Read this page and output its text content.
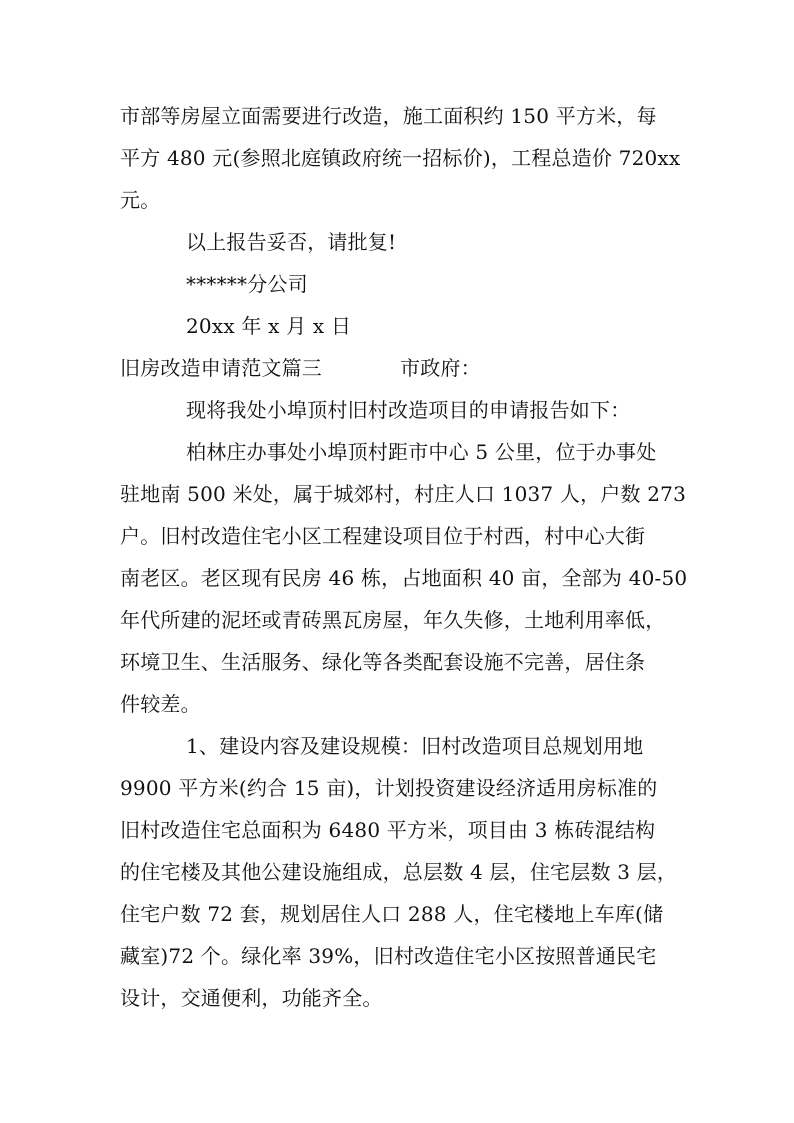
市部等房屋立面需要进行改造，施工面积约 150 平方米，每
平方 480 元(参照北庭镇政府统一招标价)，工程总造价 720xx
元。
以上报告妥否，请批复!
******分公司
20xx 年 x 月 x 日
旧房改造申请范文篇三	市政府：
现将我处小埠顶村旧村改造项目的申请报告如下：
柏林庄办事处小埠顶村距市中心 5 公里，位于办事处
驻地南 500 米处，属于城郊村，村庄人口 1037 人，户数 273
户。旧村改造住宅小区工程建设项目位于村西，村中心大街
南老区。老区现有民房 46 栋，占地面积 40 亩，全部为 40-50
年代所建的泥坯或青砖黑瓦房屋，年久失修，土地利用率低，
环境卫生、生活服务、绿化等各类配套设施不完善，居住条
件较差。
1、建设内容及建设规模：旧村改造项目总规划用地
9900 平方米(约合 15 亩)，计划投资建设经济适用房标准的
旧村改造住宅总面积为 6480 平方米，项目由 3 栋砖混结构
的住宅楼及其他公建设施组成，总层数 4 层，住宅层数 3 层，
住宅户数 72 套，规划居住人口 288 人，住宅楼地上车库(储
藏室)72 个。绿化率 39%，旧村改造住宅小区按照普通民宅
设计，交通便利，功能齐全。
